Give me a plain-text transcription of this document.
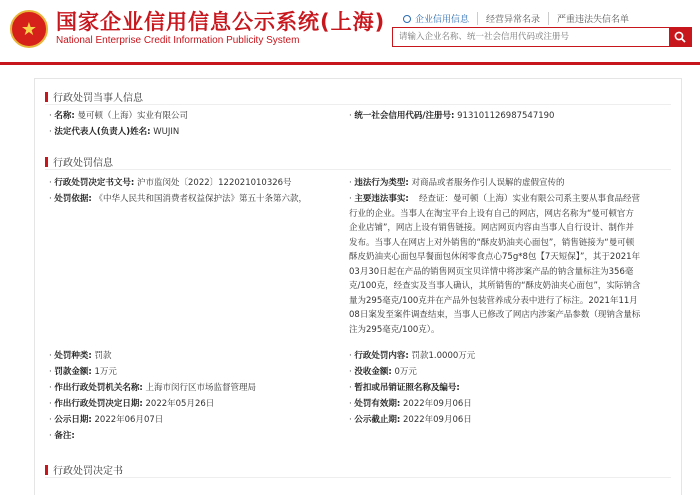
★ 国家企业信用信息公示系统(上海)
National Enterprise Credit Information Publicity System
企业信用信息 经营异常名录 严重违法失信名单
请输入企业名称、统一社会信用代码或注册号
行政处罚当事人信息
· 名称: 曼可顿（上海）实业有限公司	· 统一社会信用代码/注册号: 913101126987547190
· 法定代表人(负责人)姓名: WUJIN
行政处罚信息
· 行政处罚决定书文号: 沪市监闵处〔2022〕122021010326号	· 违法行为类型: 对商品或者服务作引人误解的虚假宣传的
· 处罚依据: 《中华人民共和国消费者权益保护法》第五十条第六款，	· 主要违法事实:	经查证：曼可顿（上海）实业有限公司系主要从事食品经营行业的企业。当事人在淘宝平台上设有自己的网店，网店名称为“曼可顿官方企业店铺”，网店上设有销售链接。网店网页内容由当事人自行设计、制作并发布。当事人在网店上对外销售的“酥皮奶油夹心面包”，销售链接为“曼可顿酥皮奶油夹心面包早餐面包休闲零食点心75g*8包【7天短保】”，其于2021年03月30日起在产品的销售网页宝贝详情中将涉案产品的钠含量标注为356毫克/100克，经查实及当事人确认，其所销售的“酥皮奶油夹心面包”，实际钠含量为295毫克/100克并在产品外包装营养成分表中进行了标注。2021年11月08日案发至案件调查结束，当事人已修改了网店内涉案产品参数（现钠含量标注为295毫克/100克）。
· 处罚种类: 罚款	· 行政处罚内容: 罚款1.0000万元
· 罚款金额: 1万元	· 没收金额: 0万元
· 作出行政处罚机关名称: 上海市闵行区市场监督管理局	· 暂扣或吊销证照名称及编号:
· 作出行政处罚决定日期: 2022年05月26日	· 处罚有效期: 2022年09月06日
· 公示日期: 2022年06月07日	· 公示截止期: 2022年09月06日
· 备注:
行政处罚决定书
